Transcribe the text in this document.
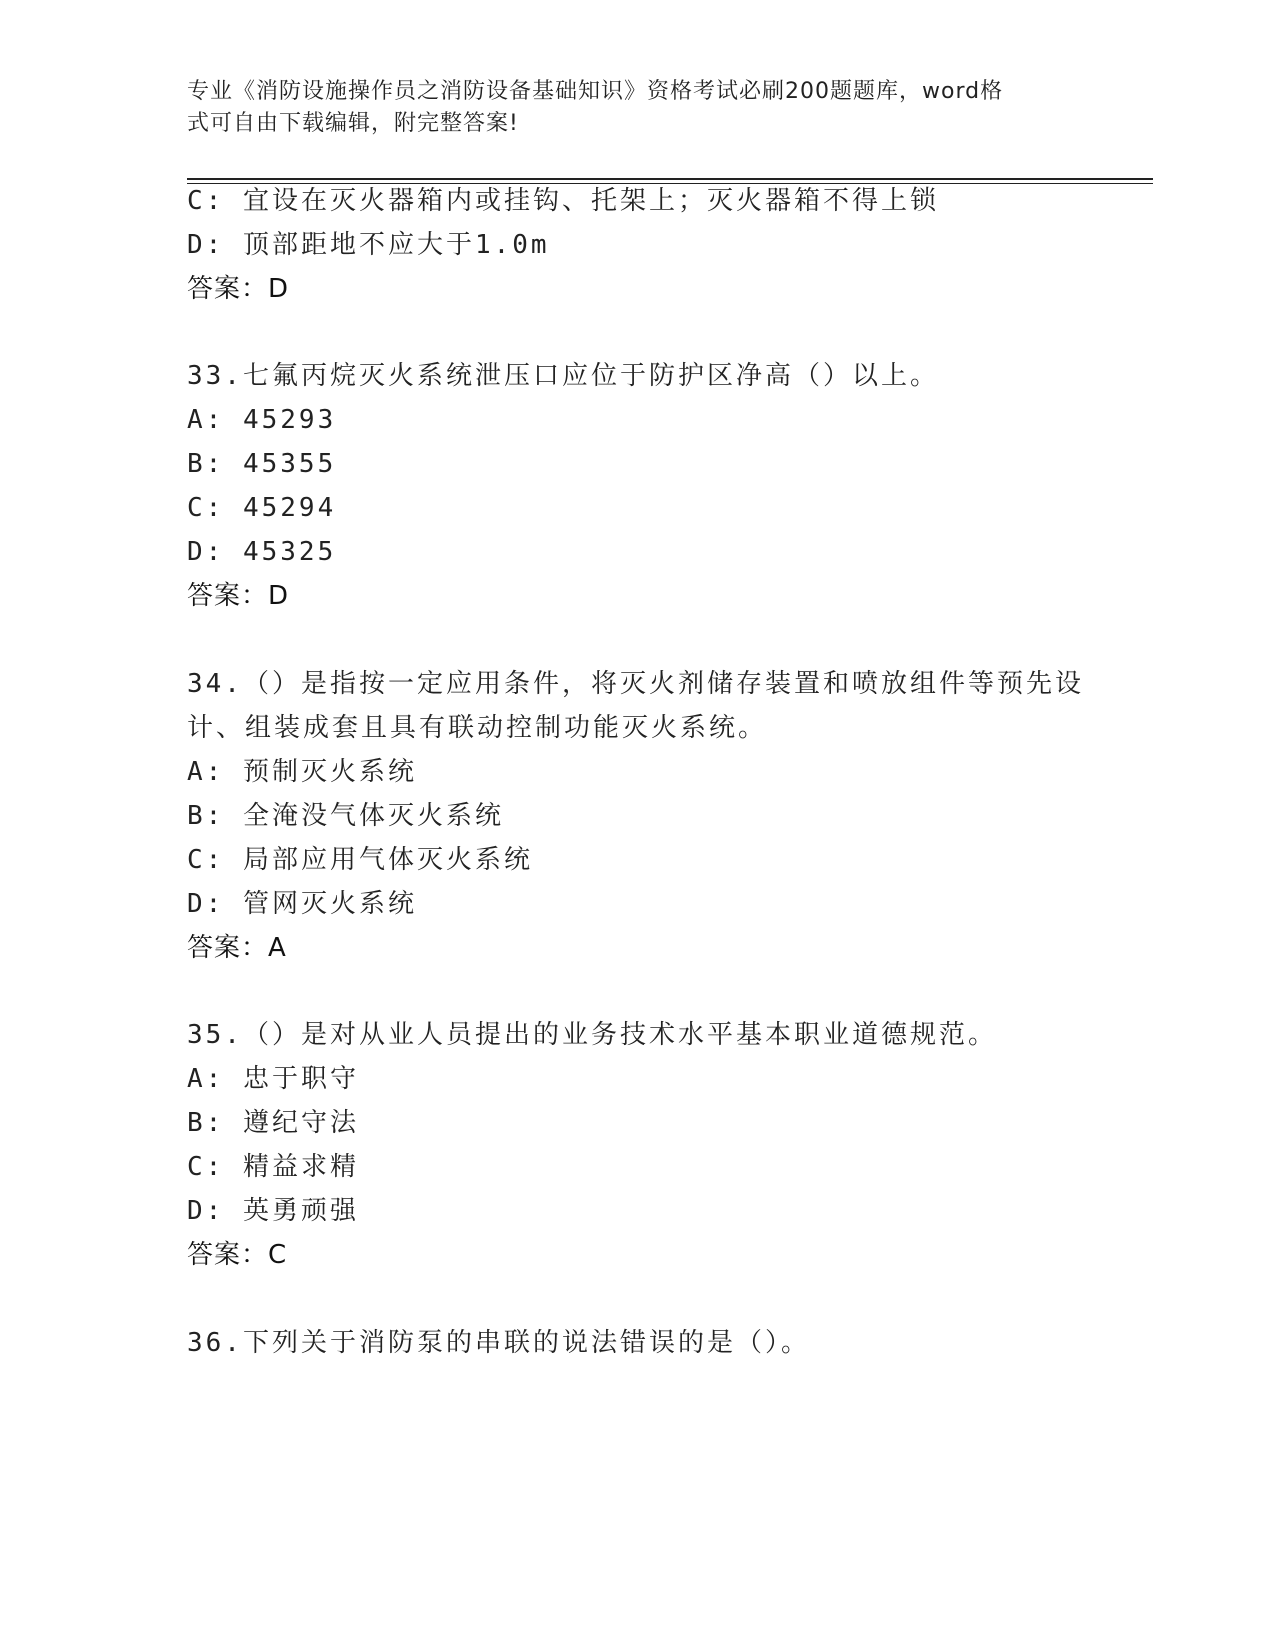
专业《消防设施操作员之消防设备基础知识》资格考试必刷200题题库，word格
式可自由下载编辑，附完整答案!
C: 宜设在灭火器箱内或挂钩、托架上；灭火器箱不得上锁
D: 顶部距地不应大于1.0m
答案：D
33.七氟丙烷灭火系统泄压口应位于防护区净高（）以上。
A: 45293
B: 45355
C: 45294
D: 45325
答案：D
34.（）是指按一定应用条件，将灭火剂储存装置和喷放组件等预先设
计、组装成套且具有联动控制功能灭火系统。
A: 预制灭火系统
B: 全淹没气体灭火系统
C: 局部应用气体灭火系统
D: 管网灭火系统
答案：A
35.（）是对从业人员提出的业务技术水平基本职业道德规范。
A: 忠于职守
B: 遵纪守法
C: 精益求精
D: 英勇顽强
答案：C
36.下列关于消防泵的串联的说法错误的是（）。
